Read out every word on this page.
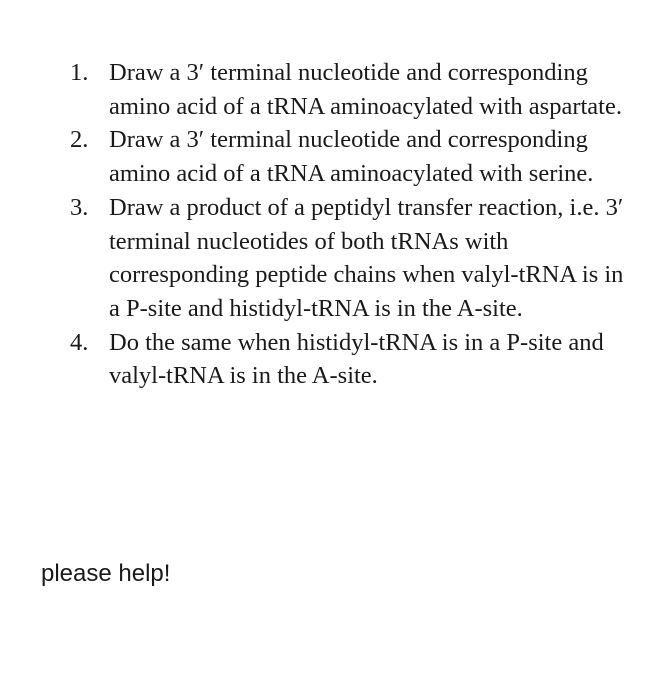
1. Draw a 3′ terminal nucleotide and corresponding amino acid of a tRNA aminoacylated with aspartate.
2. Draw a 3′ terminal nucleotide and corresponding amino acid of a tRNA aminoacylated with serine.
3. Draw a product of a peptidyl transfer reaction, i.e. 3′ terminal nucleotides of both tRNAs with corresponding peptide chains when valyl-tRNA is in a P-site and histidyl-tRNA is in the A-site.
4. Do the same when histidyl-tRNA is in a P-site and valyl-tRNA is in the A-site.
please help!
